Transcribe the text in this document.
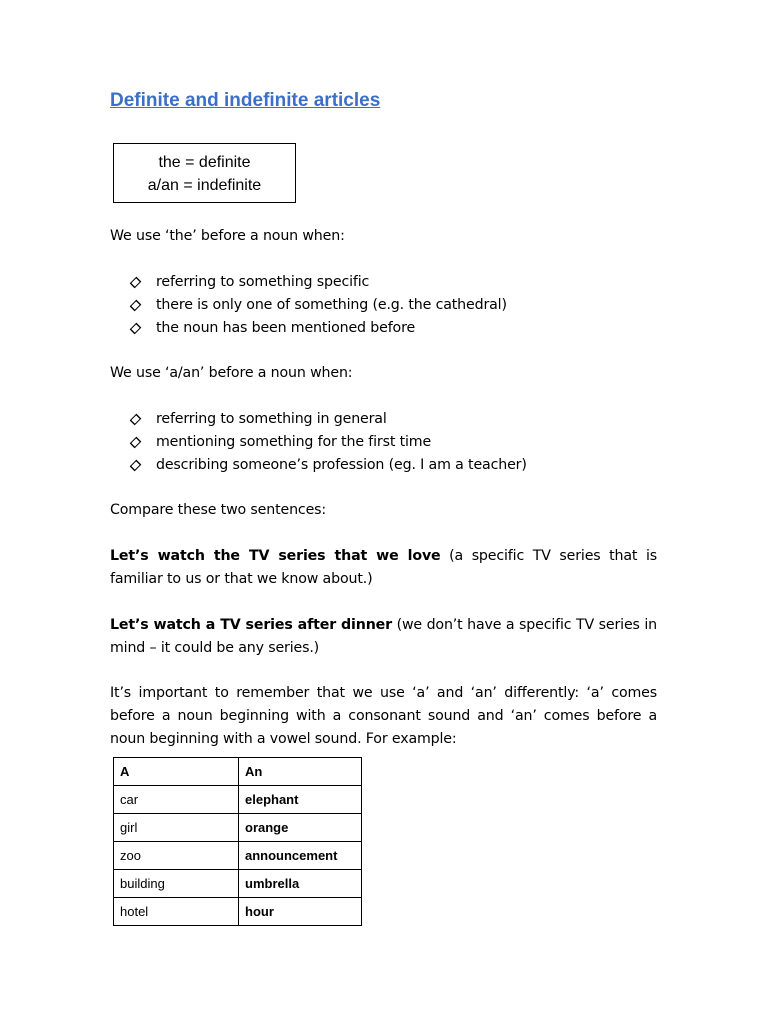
Definite and indefinite articles
the = definite
a/an = indefinite

We use ‘the’ before a noun when:

referring to something specific
there is only one of something (e.g. the cathedral)
the noun has been mentioned before

We use ‘a/an’ before a noun when:

referring to something in general
mentioning something for the first time
describing someone’s profession (eg. I am a teacher)

Compare these two sentences:

Let’s watch the TV series that we love (a specific TV series that is familiar to us or that we know about.)

Let’s watch a TV series after dinner (we don’t have a specific TV series in mind – it could be any series.)

It’s important to remember that we use ‘a’ and ‘an’ differently: ‘a’ comes before a noun beginning with a consonant sound and ‘an’ comes before a noun beginning with a vowel sound. For example:

A	An
car	elephant
girl	orange
zoo	announcement
building	umbrella
hotel	hour
